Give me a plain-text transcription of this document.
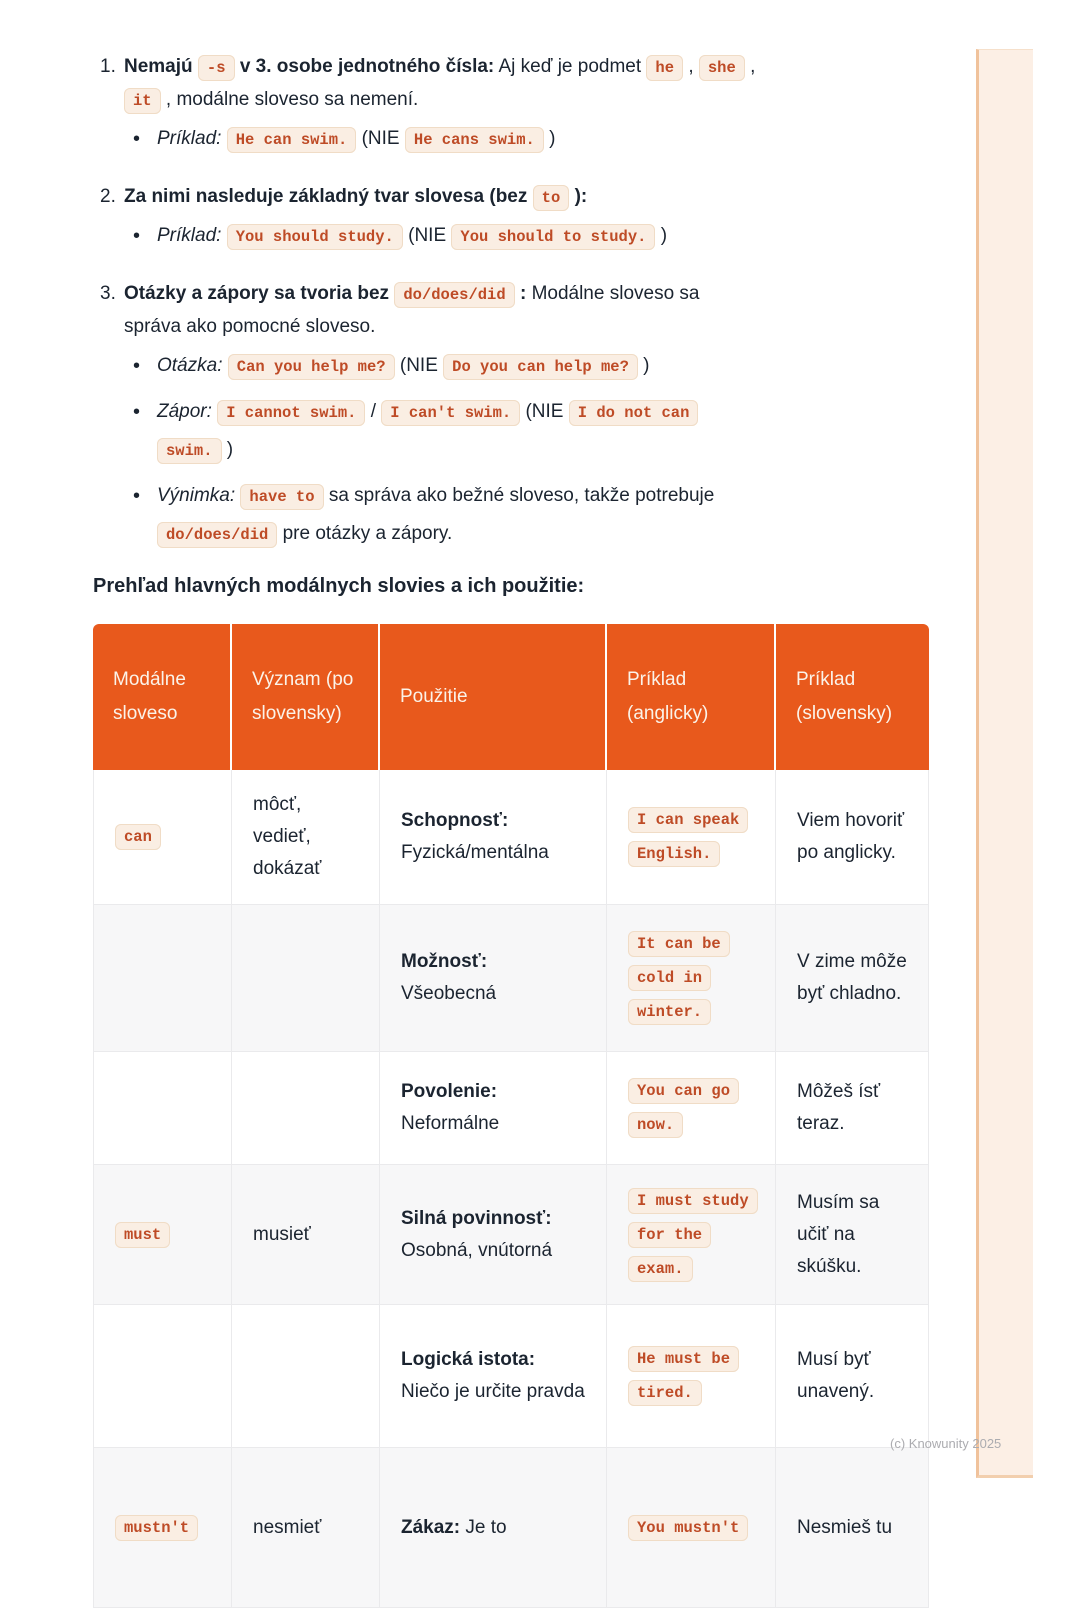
1. Nemajú -s v 3. osobe jednotného čísla: Aj keď je podmet he , she ,
it , modálne sloveso sa nemení.
• Príklad: He can swim. (NIE He cans swim. )
2. Za nimi nasleduje základný tvar slovesa (bez to ):
• Príklad: You should study. (NIE You should to study. )
3. Otázky a zápory sa tvoria bez do/does/did : Modálne sloveso sa
správa ako pomocné sloveso.
• Otázka: Can you help me? (NIE Do you can help me? )
• Zápor: I cannot swim. / I can't swim. (NIE I do not can
swim. )
• Výnimka: have to sa správa ako bežné sloveso, takže potrebuje
do/does/did pre otázky a zápory.
Prehľad hlavných modálnych slovies a ich použitie:
Modálne sloveso	Význam (po slovensky)	Použitie	Príklad (anglicky)	Príklad (slovensky)
can	môcť, vedieť, dokázať	Schopnosť: Fyzická/mentálna	I can speak English.	Viem hovoriť po anglicky.
		Možnosť: Všeobecná	It can be cold in winter.	V zime môže byť chladno.
		Povolenie: Neformálne	You can go now.	Môžeš ísť teraz.
must	musieť	Silná povinnosť: Osobná, vnútorná	I must study for the exam.	Musím sa učiť na skúšku.
		Logická istota: Niečo je určite pravda	He must be tired.	Musí byť unavený.
mustn't	nesmieť	Zákaz: Je to	You mustn't	Nesmieš tu
(c) Knowunity 2025
